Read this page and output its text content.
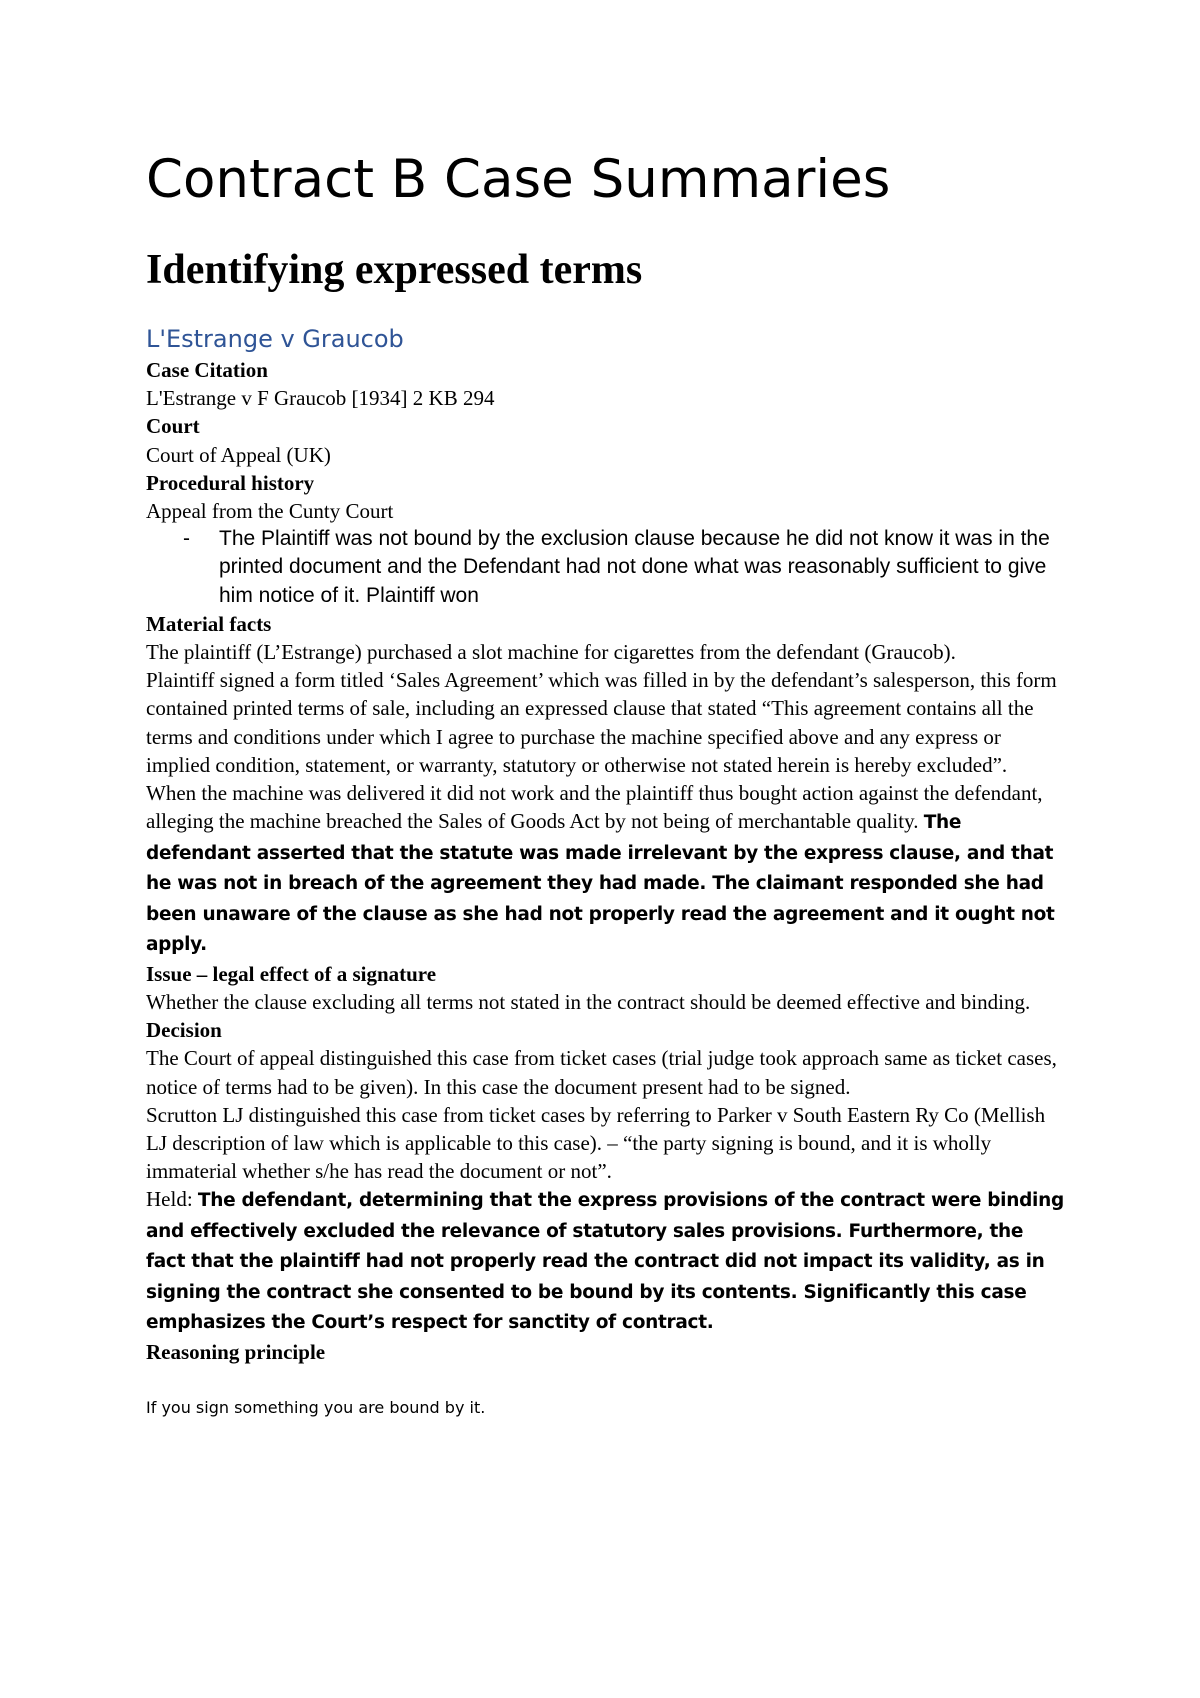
Contract B Case Summaries
Identifying expressed terms
L'Estrange v Graucob

Case Citation

L'Estrange v F Graucob [1934] 2 KB 294

Court

Court of Appeal (UK)

Procedural history

Appeal from the Cunty Court

- The Plaintiff was not bound by the exclusion clause because he did not know it was in the printed document and the Defendant had not done what was reasonably sufficient to give him notice of it. Plaintiff won

Material facts

The plaintiff (L’Estrange) purchased a slot machine for cigarettes from the defendant (Graucob).

Plaintiff signed a form titled ‘Sales Agreement’ which was filled in by the defendant’s salesperson, this form contained printed terms of sale, including an expressed clause that stated “This agreement contains all the terms and conditions under which I agree to purchase the machine specified above and any express or implied condition, statement, or warranty, statutory or otherwise not stated herein is hereby excluded”.

When the machine was delivered it did not work and the plaintiff thus bought action against the defendant, alleging the machine breached the Sales of Goods Act by not being of merchantable quality. The defendant asserted that the statute was made irrelevant by the express clause, and that he was not in breach of the agreement they had made. The claimant responded she had been unaware of the clause as she had not properly read the agreement and it ought not apply.

Issue – legal effect of a signature

Whether the clause excluding all terms not stated in the contract should be deemed effective and binding.

Decision

The Court of appeal distinguished this case from ticket cases (trial judge took approach same as ticket cases, notice of terms had to be given). In this case the document present had to be signed.

Scrutton LJ distinguished this case from ticket cases by referring to Parker v South Eastern Ry Co (Mellish LJ description of law which is applicable to this case). – “the party signing is bound, and it is wholly immaterial whether s/he has read the document or not”.

Held: The defendant, determining that the express provisions of the contract were binding and effectively excluded the relevance of statutory sales provisions. Furthermore, the fact that the plaintiff had not properly read the contract did not impact its validity, as in signing the contract she consented to be bound by its contents. Significantly this case emphasizes the Court’s respect for sanctity of contract.

Reasoning principle

If you sign something you are bound by it.
